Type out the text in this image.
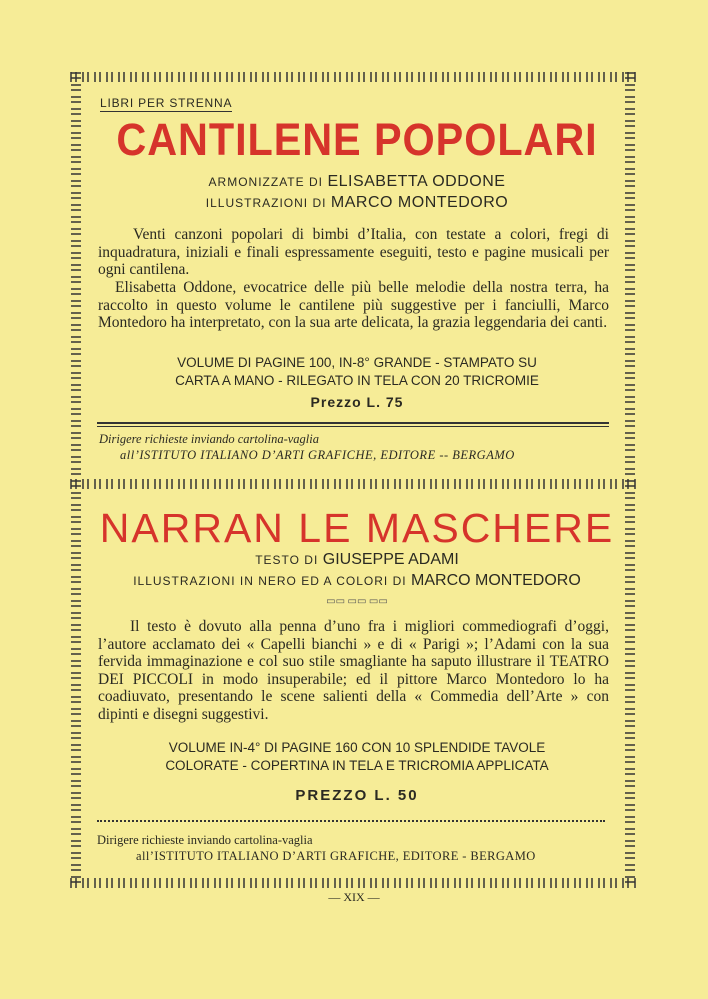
LIBRI PER STRENNA
CANTILENE POPOLARI
ARMONIZZATE DI ELISABETTA ODDONE
ILLUSTRAZIONI DI MARCO MONTEDORO
Venti canzoni popolari di bimbi d’Italia, con testate a colori, fregi di inquadratura, iniziali e finali espressamente eseguiti, testo e pagine musicali per ogni cantilena.
Elisabetta Oddone, evocatrice delle più belle melodie della nostra terra, ha raccolto in questo volume le cantilene più suggestive per i fanciulli, Marco Montedoro ha interpretato, con la sua arte delicata, la grazia leggendaria dei canti.
VOLUME DI PAGINE 100, IN-8° GRANDE - STAMPATO SU
CARTA A MANO - RILEGATO IN TELA CON 20 TRICROMIE
Prezzo L. 75
Dirigere richieste inviando cartolina-vaglia
all’ISTITUTO ITALIANO D’ARTI GRAFICHE, EDITORE -- BERGAMO
NARRAN LE MASCHERE
TESTO DI GIUSEPPE ADAMI
ILLUSTRAZIONI IN NERO ED A COLORI DI MARCO MONTEDORO
▭▭ ▭▭ ▭▭
Il testo è dovuto alla penna d’uno fra i migliori commediografi d’oggi, l’autore acclamato dei « Capelli bianchi » e di « Parigi »; l’Adami con la sua fervida immaginazione e col suo stile smagliante ha saputo illustrare il TEATRO DEI PICCOLI in modo insuperabile; ed il pittore Marco Montedoro lo ha coadiuvato, presentando le scene salienti della « Commedia dell’Arte » con dipinti e disegni suggestivi.
VOLUME IN-4° DI PAGINE 160 CON 10 SPLENDIDE TAVOLE
COLORATE - COPERTINA IN TELA E TRICROMIA APPLICATA
PREZZO L. 50
Dirigere richieste inviando cartolina-vaglia
all’ISTITUTO ITALIANO D’ARTI GRAFICHE, EDITORE - BERGAMO
— XIX —
